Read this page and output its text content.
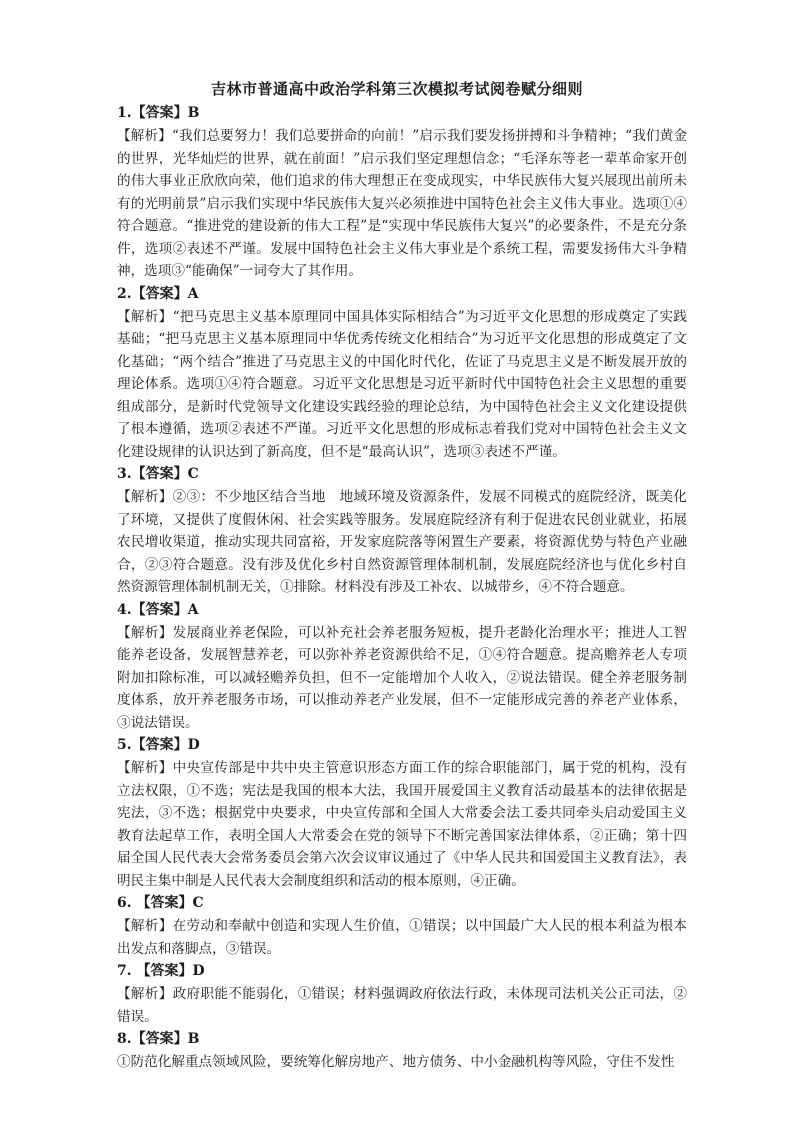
吉林市普通高中政治学科第三次模拟考试阅卷赋分细则
1.【答案】B
【解析】“我们总要努力！我们总要拼命的向前！”启示我们要发扬拼搏和斗争精神；“我们黄金的世界，光华灿烂的世界，就在前面！”启示我们坚定理想信念；“毛泽东等老一辈革命家开创的伟大事业正欣欣向荣，他们追求的伟大理想正在变成现实，中华民族伟大复兴展现出前所未有的光明前景”启示我们实现中华民族伟大复兴必须推进中国特色社会主义伟大事业。选项①④符合题意。“推进党的建设新的伟大工程”是“实现中华民族伟大复兴”的必要条件，不是充分条件，选项②表述不严谨。发展中国特色社会主义伟大事业是个系统工程，需要发扬伟大斗争精神，选项③“能确保”一词夸大了其作用。
2.【答案】A
【解析】“把马克思主义基本原理同中国具体实际相结合”为习近平文化思想的形成奠定了实践基础；“把马克思主义基本原理同中华优秀传统文化相结合”为习近平文化思想的形成奠定了文化基础；“两个结合”推进了马克思主义的中国化时代化，佐证了马克思主义是不断发展开放的理论体系。选项①④符合题意。习近平文化思想是习近平新时代中国特色社会主义思想的重要组成部分，是新时代党领导文化建设实践经验的理论总结，为中国特色社会主义文化建设提供了根本遵循，选项②表述不严谨。习近平文化思想的形成标志着我们党对中国特色社会主义文化建设规律的认识达到了新高度，但不是“最高认识”，选项③表述不严谨。
3.【答案】C
【解析】②③：不少地区结合当地　地域环境及资源条件，发展不同模式的庭院经济，既美化了环境，又提供了度假休闲、社会实践等服务。发展庭院经济有利于促进农民创业就业，拓展农民增收渠道，推动实现共同富裕，开发家庭院落等闲置生产要素，将资源优势与特色产业融合，②③符合题意。没有涉及优化乡村自然资源管理体制机制，发展庭院经济也与优化乡村自然资源管理体制机制无关，①排除。材料没有涉及工补农、以城带乡，④不符合题意。
4.【答案】A
【解析】发展商业养老保险，可以补充社会养老服务短板，提升老龄化治理水平；推进人工智能养老设备，发展智慧养老，可以弥补养老资源供给不足，①④符合题意。提高赡养老人专项附加扣除标准，可以减轻赡养负担，但不一定能增加个人收入，②说法错误。健全养老服务制度体系，放开养老服务市场，可以推动养老产业发展，但不一定能形成完善的养老产业体系，③说法错误。
5.【答案】D
【解析】中央宣传部是中共中央主管意识形态方面工作的综合职能部门，属于党的机构，没有立法权限，①不选；宪法是我国的根本大法，我国开展爱国主义教育活动最基本的法律依据是宪法，③不选；根据党中央要求，中央宣传部和全国人大常委会法工委共同牵头启动爱国主义教育法起草工作，表明全国人大常委会在党的领导下不断完善国家法律体系，②正确；第十四届全国人民代表大会常务委员会第六次会议审议通过了《中华人民共和国爱国主义教育法》，表明民主集中制是人民代表大会制度组织和活动的根本原则，④正确。
6. 【答案】C
【解析】在劳动和奉献中创造和实现人生价值，①错误；以中国最广大人民的根本利益为根本出发点和落脚点，③错误。
7. 【答案】D
【解析】政府职能不能弱化，①错误；材料强调政府依法行政，未体现司法机关公正司法，②错误。
8.【答案】B
①防范化解重点领域风险，要统筹化解房地产、地方债务、中小金融机构等风险，守住不发性
